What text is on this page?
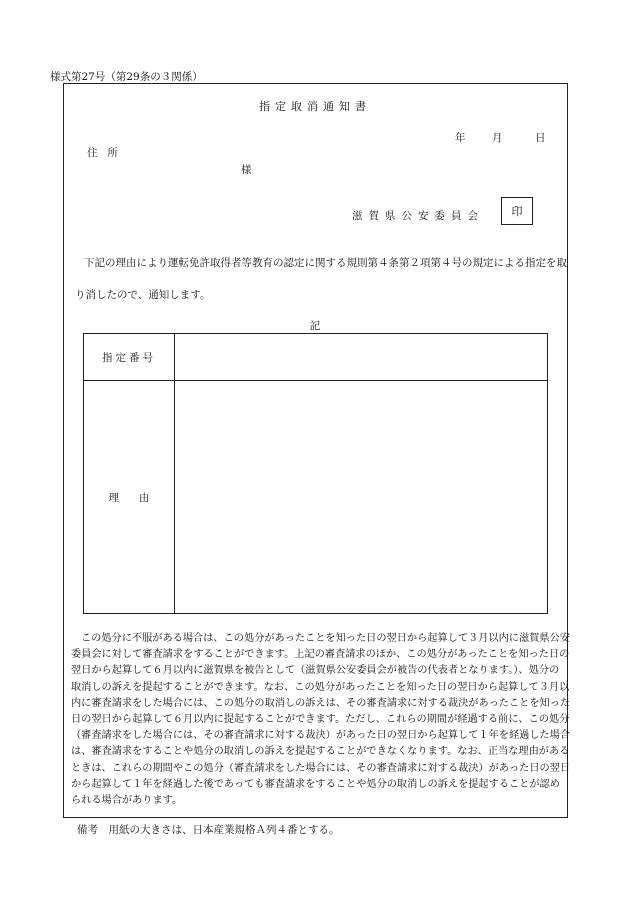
様式第27号（第29条の３関係）
指定取消通知書
年	月	日
住所
様
滋賀県公安委員会	印
下記の理由により運転免許取得者等教育の認定に関する規則第４条第２項第４号の規定による指定を取
り消したので、通知します。
記
指定番号	
理由	
この処分に不服がある場合は、この処分があったことを知った日の翌日から起算して３月以内に滋賀県公安
委員会に対して審査請求をすることができます。上記の審査請求のほか、この処分があったことを知った日の
翌日から起算して６月以内に滋賀県を被告として（滋賀県公安委員会が被告の代表者となります。）、処分の
取消しの訴えを提起することができます。なお、この処分があったことを知った日の翌日から起算して３月以
内に審査請求をした場合には、この処分の取消しの訴えは、その審査請求に対する裁決があったことを知った
日の翌日から起算して６月以内に提起することができます。ただし、これらの期間が経過する前に、この処分
（審査請求をした場合には、その審査請求に対する裁決）があった日の翌日から起算して１年を経過した場合
は、審査請求をすることや処分の取消しの訴えを提起することができなくなります。なお、正当な理由がある
ときは、これらの期間やこの処分（審査請求をした場合には、その審査請求に対する裁決）があった日の翌日
から起算して１年を経過した後であっても審査請求をすることや処分の取消しの訴えを提起することが認め
られる場合があります。
備考　用紙の大きさは、日本産業規格Ａ列４番とする。
